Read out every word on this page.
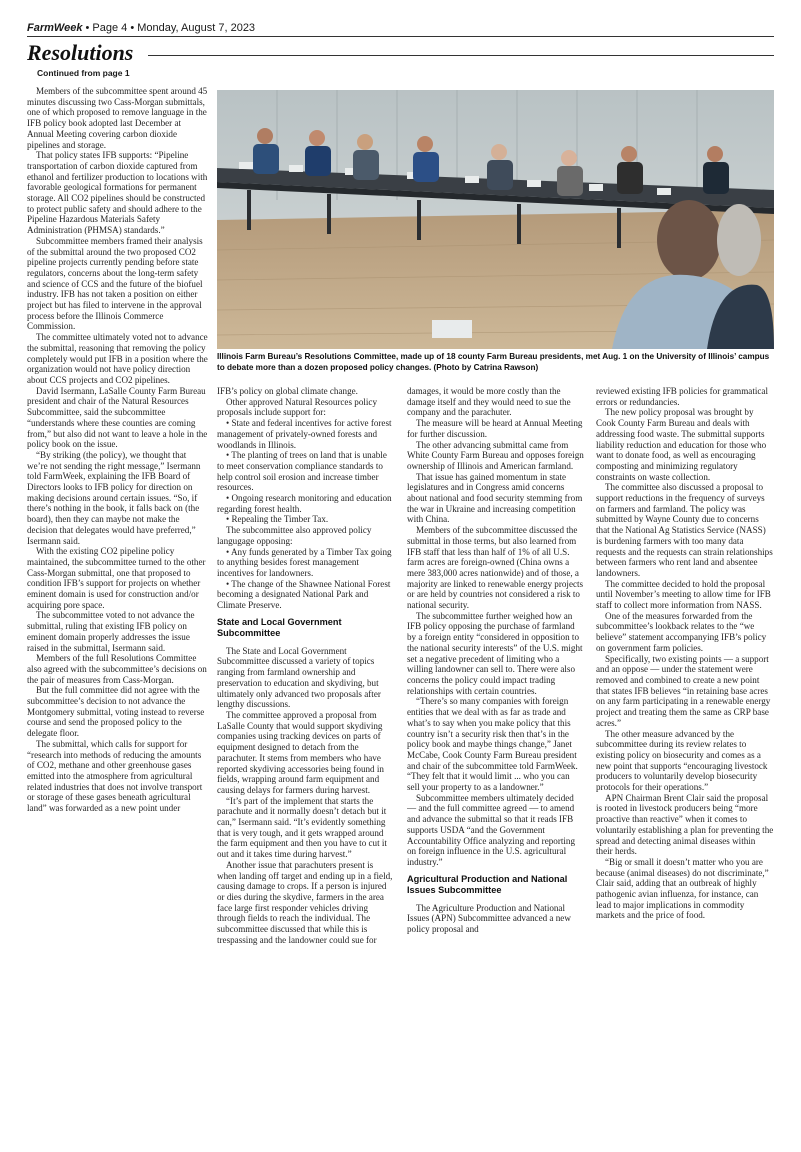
FarmWeek • Page 4 • Monday, August 7, 2023
Resolutions
Continued from page 1
Illinois Farm Bureau’s Resolutions Committee, made up of 18 county Farm Bureau presidents, met Aug. 1 on the University of Illinois’ campus to debate more than a dozen proposed policy changes. (Photo by Catrina Rawson)

Members of the subcommittee spent around 45 minutes discussing two Cass-Morgan submittals, one of which proposed to remove language in the IFB policy book adopted last December at Annual Meeting covering carbon dioxide pipelines and storage.

That policy states IFB supports: “Pipeline transportation of carbon dioxide captured from ethanol and fertilizer production to locations with favorable geological formations for permanent storage. All CO2 pipelines should be constructed to protect public safety and should adhere to the Pipeline Hazardous Materials Safety Administration (PHMSA) standards.”

Subcommittee members framed their analysis of the submittal around the two proposed CO2 pipeline projects currently pending before state regulators, concerns about the long-term safety and science of CCS and the future of the biofuel industry. IFB has not taken a position on either project but has filed to intervene in the approval process before the Illinois Commerce Commission.

The committee ultimately voted not to advance the submittal, reasoning that removing the policy completely would put IFB in a position where the organization would not have policy direction about CCS projects and CO2 pipelines.

David Isermann, LaSalle County Farm Bureau president and chair of the Natural Resources Subcommittee, said the subcommittee “understands where these counties are coming from,” but also did not want to leave a hole in the policy book on the issue.

“By striking (the policy), we thought that we’re not sending the right message,” Isermann told FarmWeek, explaining the IFB Board of Directors looks to IFB policy for direction on making decisions around certain issues. “So, if there’s nothing in the book, it falls back on (the board), then they can maybe not make the decision that delegates would have preferred,” Isermann said.

With the existing CO2 pipeline policy maintained, the subcommittee turned to the other Cass-Morgan submittal, one that proposed to condition IFB’s support for projects on whether eminent domain is used for construction and/or acquiring pore space.

The subcommittee voted to not advance the submittal, ruling that existing IFB policy on eminent domain properly addresses the issue raised in the submittal, Isermann said.

Members of the full Resolutions Committee also agreed with the subcommittee’s decisions on the pair of measures from Cass-Morgan.

But the full committee did not agree with the subcommittee’s decision to not advance the Montgomery submittal, voting instead to reverse course and send the proposed policy to the delegate floor.

The submittal, which calls for support for “research into methods of reducing the amounts of CO2, methane and other greenhouse gases emitted into the atmosphere from agricultural related industries that does not involve transport or storage of these gases beneath agricultural land” was forwarded as a new point under

IFB’s policy on global climate change.

Other approved Natural Resources policy proposals include support for:

• State and federal incentives for active forest management of privately-owned forests and woodlands in Illinois.

• The planting of trees on land that is unable to meet conservation compliance standards to help control soil erosion and increase timber resources.

• Ongoing research monitoring and education regarding forest health.

• Repealing the Timber Tax.

The subcommittee also approved policy langugage opposing:

• Any funds generated by a Timber Tax going to anything besides forest management incentives for landowners.

• The change of the Shawnee National Forest becoming a designated National Park and Climate Preserve.

State and Local Government Subcommittee

The State and Local Government Subcommittee discussed a variety of topics ranging from farmland ownership and preservation to education and skydiving, but ultimately only advanced two proposals after lengthy discussions.

The committee approved a proposal from LaSalle County that would support skydiving companies using tracking devices on parts of equipment designed to detach from the parachuter. It stems from members who have reported skydiving accessories being found in fields, wrapping around farm equipment and causing delays for farmers during harvest.

“It’s part of the implement that starts the parachute and it normally doesn’t detach but it can,” Isermann said. “It’s evidently something that is very tough, and it gets wrapped around the farm equipment and then you have to cut it out and it takes time during harvest.”

Another issue that parachuters present is when landing off target and ending up in a field, causing damage to crops. If a person is injured or dies during the skydive, farmers in the area face large first responder vehicles driving through fields to reach the individual. The subcommittee discussed that while this is trespassing and the landowner could sue for

damages, it would be more costly than the damage itself and they would need to sue the company and the parachuter.

The measure will be heard at Annual Meeting for further discussion.

The other advancing submittal came from White County Farm Bureau and opposes foreign ownership of Illinois and American farmland.

That issue has gained momentum in state legislatures and in Congress amid concerns about national and food security stemming from the war in Ukraine and increasing competition with China.

Members of the subcommittee discussed the submittal in those terms, but also learned from IFB staff that less than half of 1% of all U.S. farm acres are foreign-owned (China owns a mere 383,000 acres nationwide) and of those, a majority are linked to renewable energy projects or are held by countries not considered a risk to national security.

The subcommittee further weighed how an IFB policy opposing the purchase of farmland by a foreign entity “considered in opposition to the national security interests” of the U.S. might set a negative precedent of limiting who a willing landowner can sell to. There were also concerns the policy could impact trading relationships with certain countries.

“There’s so many companies with foreign entities that we deal with as far as trade and what’s to say when you make policy that this country isn’t a security risk then that’s in the policy book and maybe things change,” Janet McCabe, Cook County Farm Bureau president and chair of the subcommittee told FarmWeek. “They felt that it would limit ... who you can sell your property to as a landowner.”

Subcommittee members ultimately decided — and the full committee agreed — to amend and advance the submittal so that it reads IFB supports USDA “and the Government Accountability Office analyzing and reporting on foreign influence in the U.S. agricultural industry.”

Agricultural Production and National Issues Subcommittee

The Agriculture Production and National Issues (APN) Subcommittee advanced a new policy proposal and

reviewed existing IFB policies for grammatical errors or redundancies.

The new policy proposal was brought by Cook County Farm Bureau and deals with addressing food waste. The submittal supports liability reduction and education for those who want to donate food, as well as encouraging composting and minimizing regulatory constraints on waste collection.

The committee also discussed a proposal to support reductions in the frequency of surveys on farmers and farmland. The policy was submitted by Wayne County due to concerns that the National Ag Statistics Service (NASS) is burdening farmers with too many data requests and the requests can strain relationships between farmers who rent land and absentee landowners.

The committee decided to hold the proposal until November’s meeting to allow time for IFB staff to collect more information from NASS.

One of the measures forwarded from the subcommittee’s lookback relates to the “we believe” statement accompanying IFB’s policy on government farm policies.

Specifically, two existing points — a support and an oppose — under the statement were removed and combined to create a new point that states IFB believes “in retaining base acres on any farm participating in a renewable energy project and treating them the same as CRP base acres.”

The other measure advanced by the subcommittee during its review relates to existing policy on biosecurity and comes as a new point that supports “encouraging livestock producers to voluntarily develop biosecurity protocols for their operations.”

APN Chairman Brent Clair said the proposal is rooted in livestock producers being “more proactive than reactive” when it comes to voluntarily establishing a plan for preventing the spread and detecting animal diseases within their herds.

“Big or small it doesn’t matter who you are because (animal diseases) do not discriminate,” Clair said, adding that an outbreak of highly pathogenic avian influenza, for instance, can lead to major implications in commodity markets and the price of food.
